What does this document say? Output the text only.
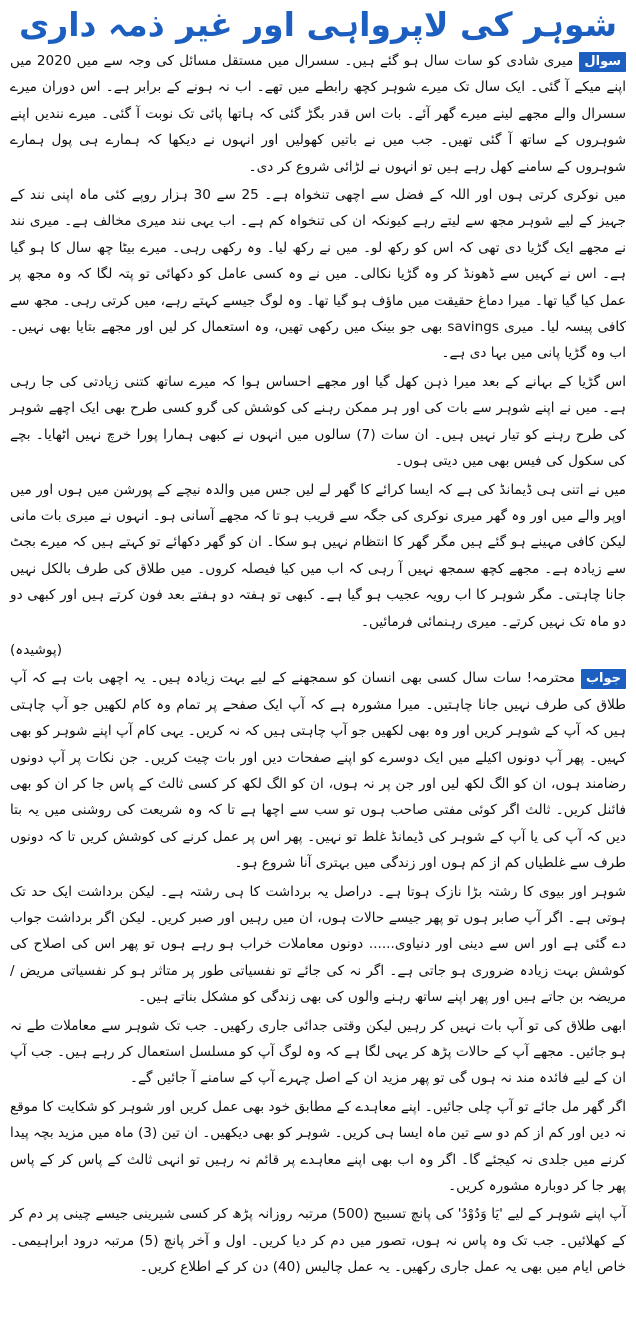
شوہر کی لاپرواہی اور غیر ذمہ داری

سوالمیری شادی کو سات سال ہو گئے ہیں۔ سسرال میں مستقل مسائل کی وجہ سے میں 2020 میں اپنے میکے آ گئی۔ ایک سال تک میرے شوہر کچھ رابطے میں تھے۔ اب نہ ہونے کے برابر ہے۔ اس دوران میرے سسرال والے مجھے لینے میرے گھر آئے۔ بات اس قدر بگڑ گئی کہ ہاتھا پائی تک نوبت آ گئی۔ میرے نندیں اپنے شوہروں کے ساتھ آ گئی تھیں۔ جب میں نے باتیں کھولیں اور انہوں نے دیکھا کہ ہمارے ہی پول ہمارے شوہروں کے سامنے کھل رہے ہیں تو انہوں نے لڑائی شروع کر دی۔

میں نوکری کرتی ہوں اور اللہ کے فضل سے اچھی تنخواہ ہے۔ 25 سے 30 ہزار روپے کئی ماہ اپنی نند کے جہیز کے لیے شوہر مجھ سے لیتے رہے کیونکہ ان کی تنخواہ کم ہے۔ اب یہی نند میری مخالف ہے۔ میری نند نے مجھے ایک گڑیا دی تھی کہ اس کو رکھ لو۔ میں نے رکھ لیا۔ وہ رکھی رہی۔ میرے بیٹا چھ سال کا ہو گیا ہے۔ اس نے کہیں سے ڈھونڈ کر وہ گڑیا نکالی۔ میں نے وہ کسی عامل کو دکھائی تو پتہ لگا کہ وہ مجھ پر عمل کیا گیا تھا۔ میرا دماغ حقیقت میں ماؤف ہو گیا تھا۔ وہ لوگ جیسے کہتے رہے، میں کرتی رہی۔ مجھ سے کافی پیسہ لیا۔ میری savings بھی جو بینک میں رکھی تھیں، وہ استعمال کر لیں اور مجھے بتایا بھی نہیں۔ اب وہ گڑیا پانی میں بہا دی ہے۔

اس گڑیا کے بہانے کے بعد میرا ذہن کھل گیا اور مجھے احساس ہوا کہ میرے ساتھ کتنی زیادتی کی جا رہی ہے۔ میں نے اپنے شوہر سے بات کی اور ہر ممکن رہنے کی کوشش کی گرو کسی طرح بھی ایک اچھے شوہر کی طرح رہنے کو تیار نہیں ہیں۔ ان سات (7) سالوں میں انہوں نے کبھی ہمارا پورا خرچ نہیں اٹھایا۔ بچے کی سکول کی فیس بھی میں دیتی ہوں۔

میں نے اتنی ہی ڈیمانڈ کی ہے کہ ایسا کرائے کا گھر لے لیں جس میں والدہ نیچے کے پورشن میں ہوں اور میں اوپر والے میں اور وہ گھر میری نوکری کی جگہ سے قریب ہو تا کہ مجھے آسانی ہو۔ انہوں نے میری بات مانی لیکن کافی مہینے ہو گئے ہیں مگر گھر کا انتظام نہیں ہو سکا۔ ان کو گھر دکھائے تو کہتے ہیں کہ میرے بجٹ سے زیادہ ہے۔ مجھے کچھ سمجھ نہیں آ رہی کہ اب میں کیا فیصلہ کروں۔ میں طلاق کی طرف بالکل نہیں جانا چاہتی۔ مگر شوہر کا اب رویہ عجیب ہو گیا ہے۔ کبھی تو ہفتہ دو ہفتے بعد فون کرتے ہیں اور کبھی دو دو ماہ تک نہیں کرتے۔ میری رہنمائی فرمائیں۔

(پوشیدہ)

جوابمحترمہ! سات سال کسی بھی انسان کو سمجھنے کے لیے بہت زیادہ ہیں۔ یہ اچھی بات ہے کہ آپ طلاق کی طرف نہیں جانا چاہتیں۔ میرا مشورہ ہے کہ آپ ایک صفحے پر تمام وہ کام لکھیں جو آپ چاہتی ہیں کہ آپ کے شوہر کریں اور وہ بھی لکھیں جو آپ چاہتی ہیں کہ نہ کریں۔ یہی کام آپ اپنے شوہر کو بھی کہیں۔ پھر آپ دونوں اکیلے میں ایک دوسرے کو اپنے صفحات دیں اور بات چیت کریں۔ جن نکات پر آپ دونوں رضامند ہوں، ان کو الگ لکھ لیں اور جن پر نہ ہوں، ان کو الگ لکھ کر کسی ثالث کے پاس جا کر ان کو بھی فائنل کریں۔ ثالث اگر کوئی مفتی صاحب ہوں تو سب سے اچھا ہے تا کہ وہ شریعت کی روشنی میں یہ بتا دیں کہ آپ کی یا آپ کے شوہر کی ڈیمانڈ غلط تو نہیں۔ پھر اس پر عمل کرنے کی کوشش کریں تا کہ دونوں طرف سے غلطیاں کم از کم ہوں اور زندگی میں بہتری آنا شروع ہو۔

شوہر اور بیوی کا رشتہ بڑا نازک ہوتا ہے۔ دراصل یہ برداشت کا ہی رشتہ ہے۔ لیکن برداشت ایک حد تک ہوتی ہے۔ اگر آپ صابر ہوں تو پھر جیسے حالات ہوں، ان میں رہیں اور صبر کریں۔ لیکن اگر برداشت جواب دے گئی ہے اور اس سے دینی اور دنیاوی...... دونوں معاملات خراب ہو رہے ہوں تو پھر اس کی اصلاح کی کوشش بہت زیادہ ضروری ہو جاتی ہے۔ اگر نہ کی جائے تو نفسیاتی طور پر متاثر ہو کر نفسیاتی مریض / مریضہ بن جاتے ہیں اور پھر اپنے ساتھ رہنے والوں کی بھی زندگی کو مشکل بناتے ہیں۔

ابھی طلاق کی تو آپ بات نہیں کر رہیں لیکن وقتی جدائی جاری رکھیں۔ جب تک شوہر سے معاملات طے نہ ہو جائیں۔ مجھے آپ کے حالات پڑھ کر یہی لگا ہے کہ وہ لوگ آپ کو مسلسل استعمال کر رہے ہیں۔ جب آپ ان کے لیے فائدہ مند نہ ہوں گی تو پھر مزید ان کے اصل چہرے آپ کے سامنے آ جائیں گے۔

اگر گھر مل جائے تو آپ چلی جائیں۔ اپنے معاہدے کے مطابق خود بھی عمل کریں اور شوہر کو شکایت کا موقع نہ دیں اور کم از کم دو سے تین ماہ ایسا ہی کریں۔ شوہر کو بھی دیکھیں۔ ان تین (3) ماہ میں مزید بچہ پیدا کرنے میں جلدی نہ کیجئے گا۔ اگر وہ اب بھی اپنے معاہدے پر قائم نہ رہیں تو انہی ثالث کے پاس کر کے پاس پھر جا کر دوبارہ مشورہ کریں۔

آپ اپنے شوہر کے لیے 'یَا وَدُوْدُ' کی پانچ تسبیح (500) مرتبہ روزانہ پڑھ کر کسی شیرینی جیسے چینی پر دم کر کے کھلائیں۔ جب تک وہ پاس نہ ہوں، تصور میں دم کر دیا کریں۔ اول و آخر پانچ (5) مرتبہ درود ابراہیمی۔ خاص ایام میں بھی یہ عمل جاری رکھیں۔ یہ عمل چالیس (40) دن کر کے اطلاع کریں۔
